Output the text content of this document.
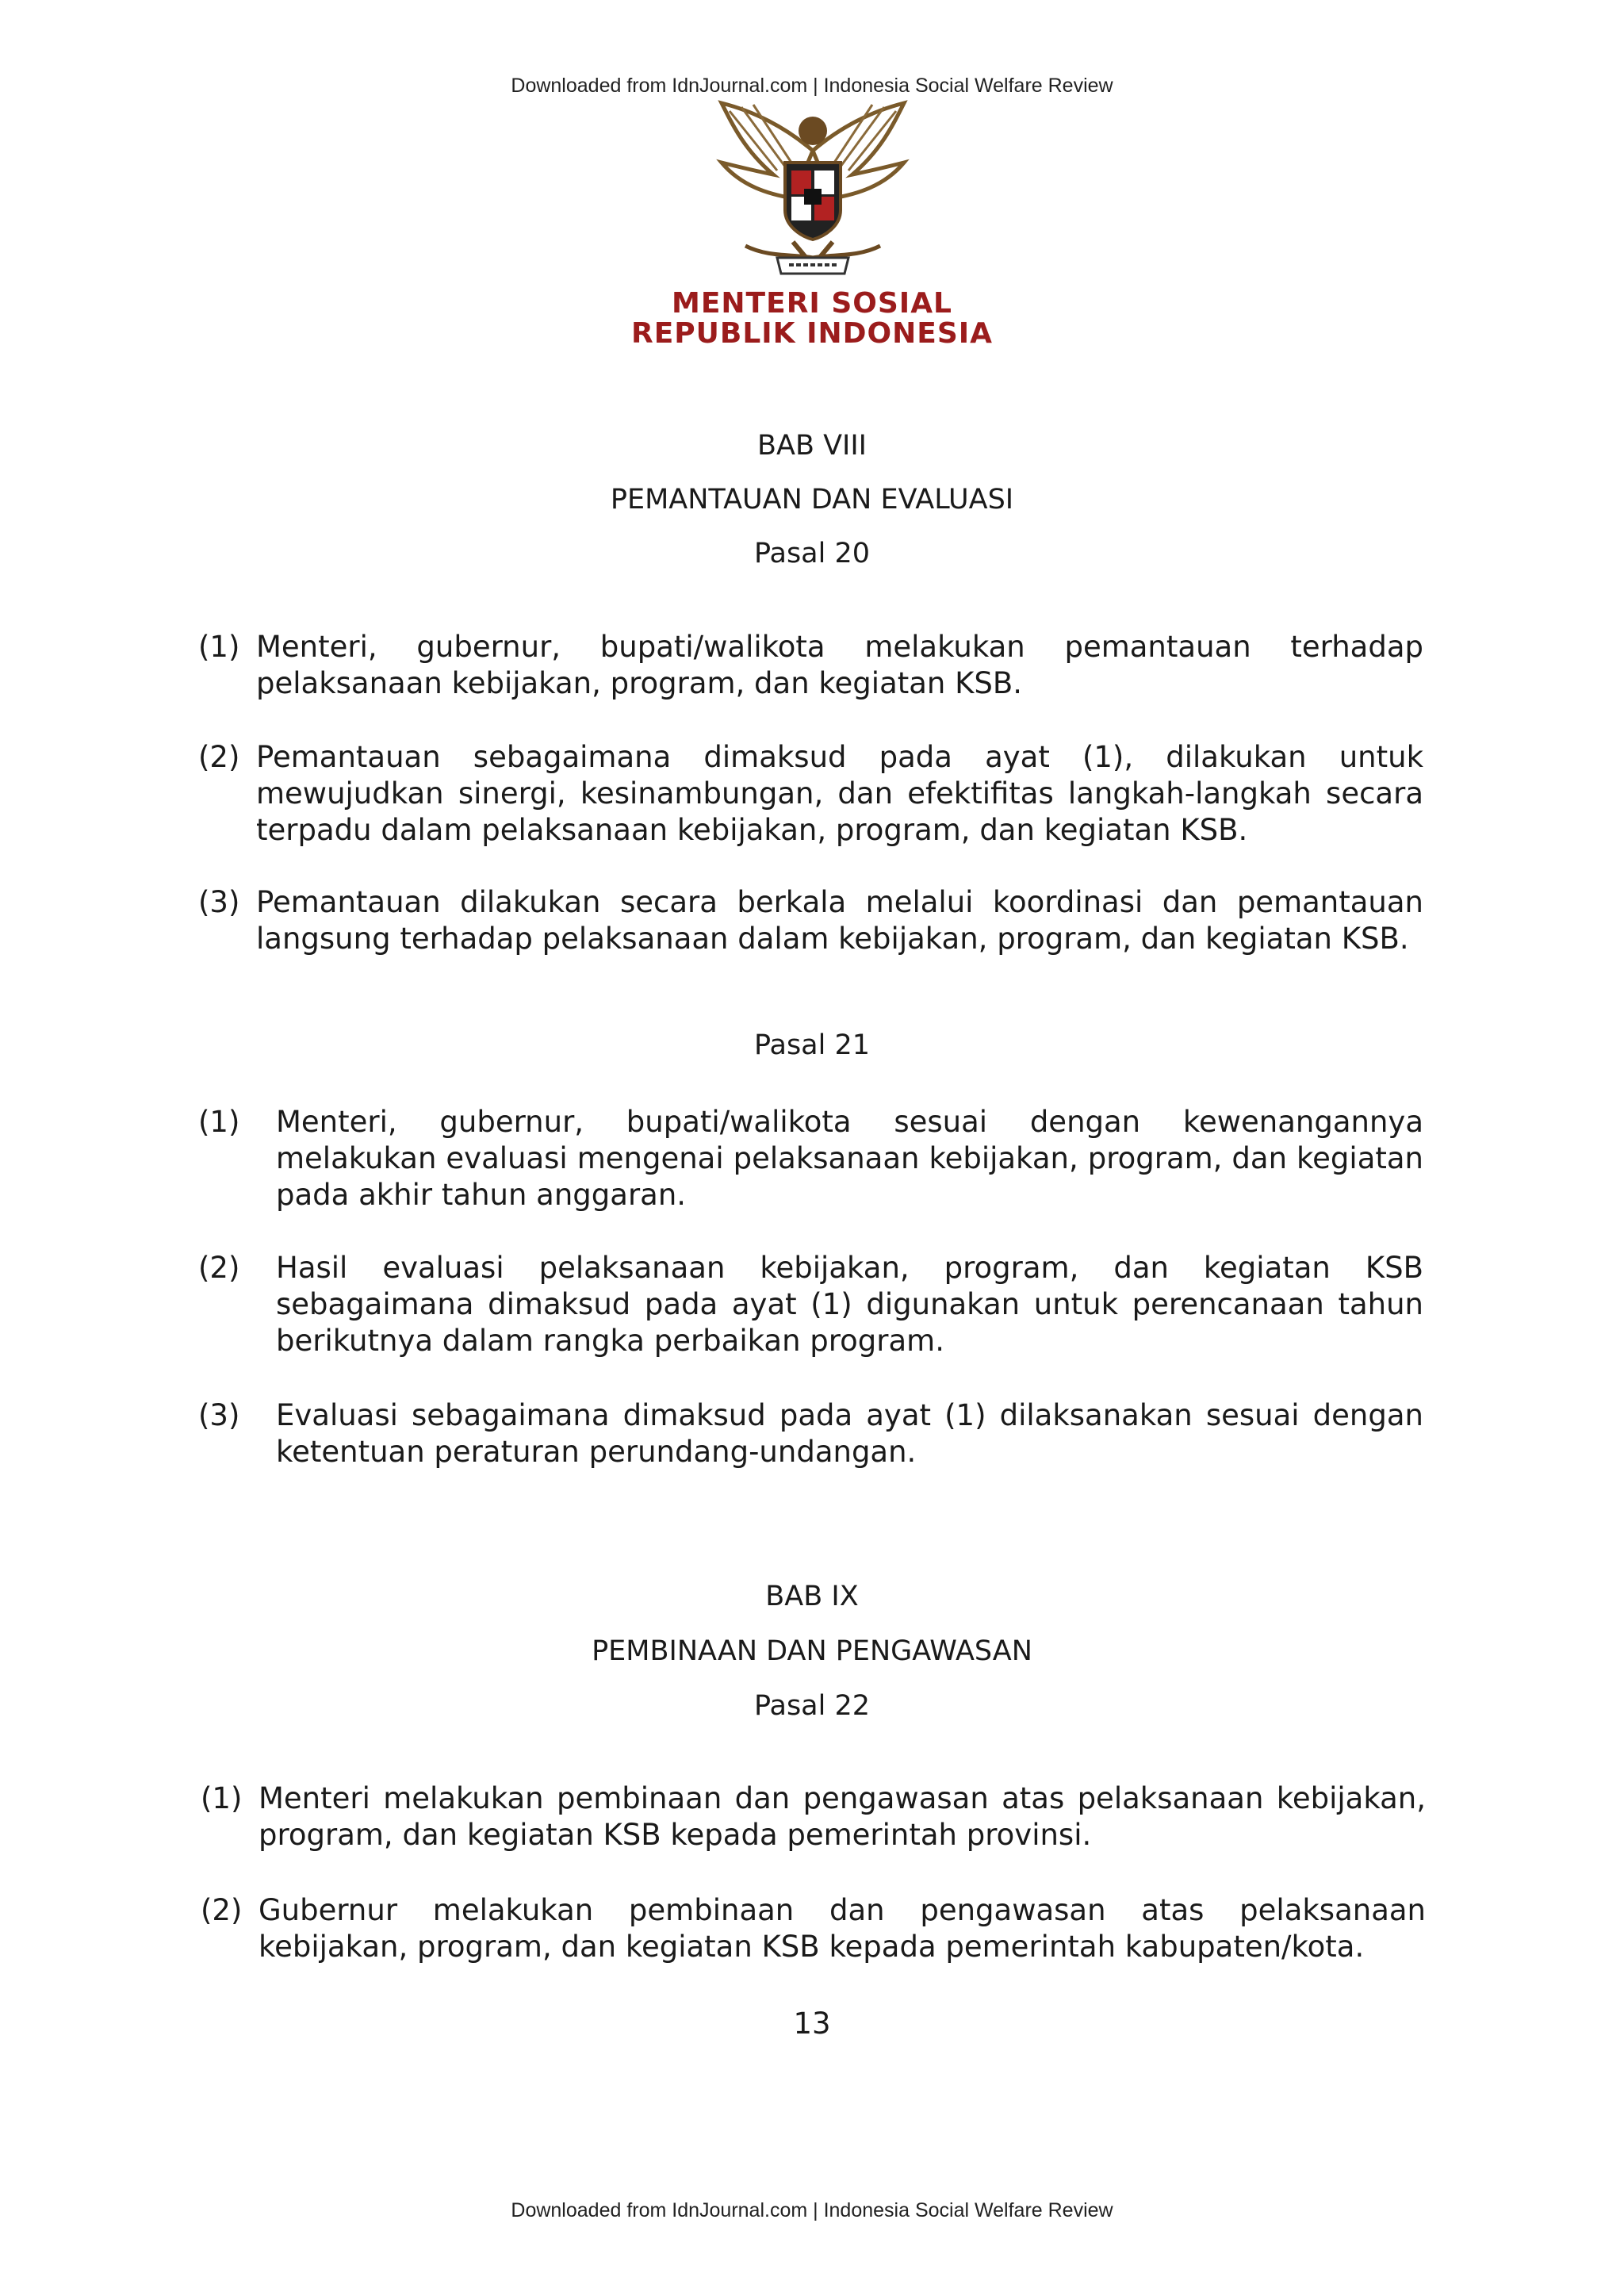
Downloaded from IdnJournal.com | Indonesia Social Welfare Review
MENTERI SOSIAL
REPUBLIK INDONESIA
BAB VIII
PEMANTAUAN DAN EVALUASI
Pasal 20
(1) Menteri, gubernur, bupati/walikota melakukan pemantauan terhadap pelaksanaan kebijakan, program, dan kegiatan KSB.
(2) Pemantauan sebagaimana dimaksud pada ayat (1), dilakukan untuk mewujudkan sinergi, kesinambungan, dan efektifitas langkah-langkah secara terpadu dalam pelaksanaan kebijakan, program, dan kegiatan KSB.
(3) Pemantauan dilakukan secara berkala melalui koordinasi dan pemantauan langsung terhadap pelaksanaan dalam kebijakan, program, dan kegiatan KSB.
Pasal 21
(1) Menteri, gubernur, bupati/walikota sesuai dengan kewenangannya melakukan evaluasi mengenai pelaksanaan kebijakan, program, dan kegiatan pada akhir tahun anggaran.
(2) Hasil evaluasi pelaksanaan kebijakan, program, dan kegiatan KSB sebagaimana dimaksud pada ayat (1) digunakan untuk perencanaan tahun berikutnya dalam rangka perbaikan program.
(3) Evaluasi sebagaimana dimaksud pada ayat (1) dilaksanakan sesuai dengan ketentuan peraturan perundang-undangan.
BAB IX
PEMBINAAN DAN PENGAWASAN
Pasal 22
(1) Menteri melakukan pembinaan dan pengawasan atas pelaksanaan kebijakan, program, dan kegiatan KSB kepada pemerintah provinsi.
(2) Gubernur melakukan pembinaan dan pengawasan atas pelaksanaan kebijakan, program, dan kegiatan KSB kepada pemerintah kabupaten/kota.
13
Downloaded from IdnJournal.com | Indonesia Social Welfare Review
